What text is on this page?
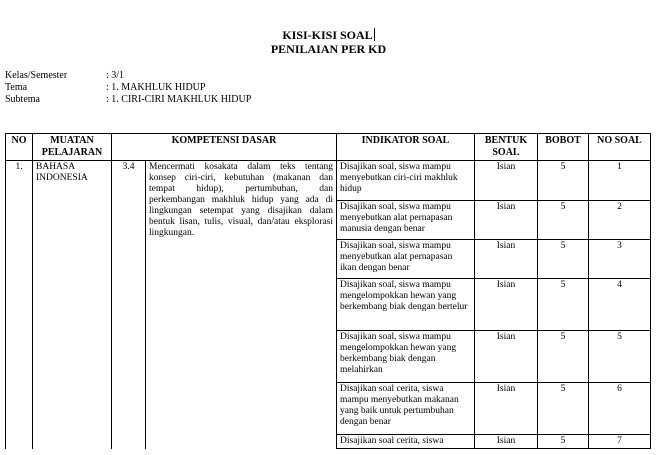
KISI-KISI SOAL
PENILAIAN PER KD
Kelas/Semester	: 3/1
Tema	: 1. MAKHLUK HIDUP
Subtema	: 1. CIRI-CIRI MAKHLUK HIDUP
NO	MUATAN PELAJARAN	KOMPETENSI DASAR		INDIKATOR SOAL	BENTUK SOAL	BOBOT	NO SOAL
1.	BAHASA INDONESIA	3.4	Mencermati kosakata dalam teks tentang konsep ciri-ciri, kebutuhan (makanan dan tempat hidup), pertumbuhan, dan perkembangan makhluk hidup yang ada di lingkungan setempat yang disajikan dalam bentuk lisan, tulis, visual, dan/atau eksplorasi lingkungan.	Disajikan soal, siswa mampu menyebutkan ciri-ciri makhluk hidup	Isian	5	1
				Disajikan soal, siswa mampu menyebutkan alat pernapasan manusia dengan benar	Isian	5	2
				Disajikan soal, siswa mampu menyebutkan alat pernapasan ikan dengan benar	Isian	5	3
				Disajikan soal, siswa mampu mengelompokkan hewan yang berkembang biak dengan bertelur	Isian	5	4
				Disajikan soal, siswa mampu mengelompokkan hewan yang berkembang biak dengan melahirkan	Isian	5	5
				Disajikan soal cerita, siswa mampu menyebutkan makanan yang baik untuk pertumbuhan dengan benar	Isian	5	6
				Disajikan soal cerita, siswa	Isian	5	7
